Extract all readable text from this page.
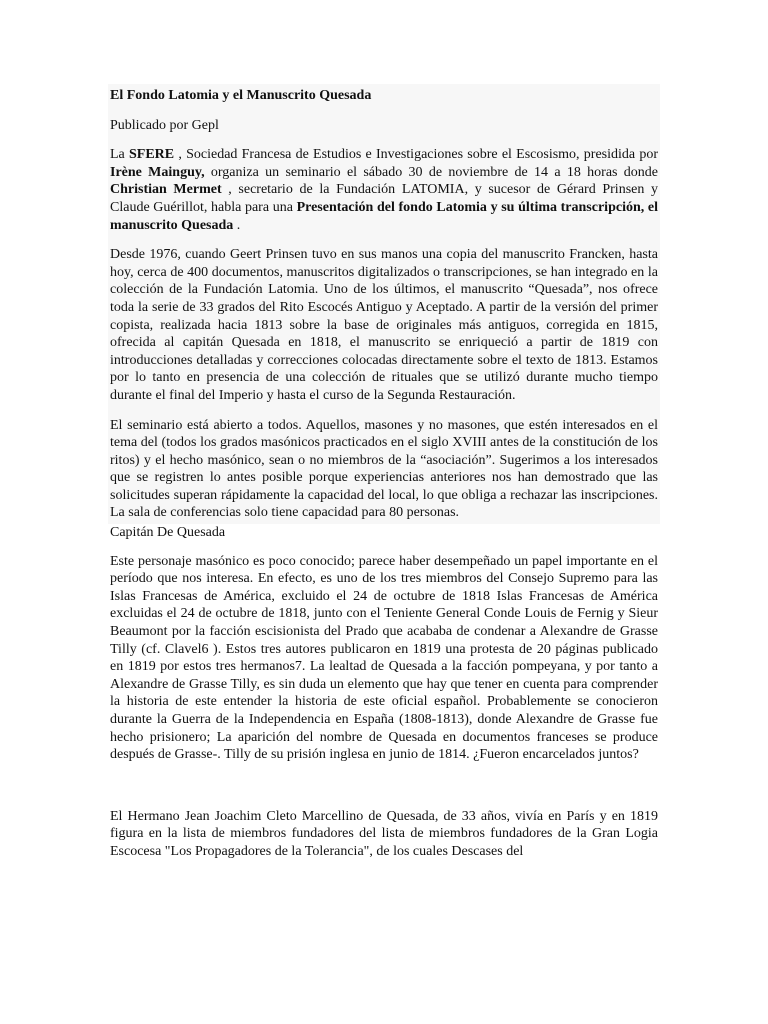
El Fondo Latomia y el Manuscrito Quesada
Publicado por Gepl

La SFERE , Sociedad Francesa de Estudios e Investigaciones sobre el Escosismo, presidida por Irène Mainguy, organiza un seminario el sábado 30 de noviembre de 14 a 18 horas donde Christian Mermet , secretario de la Fundación LATOMIA, y sucesor de Gérard Prinsen y Claude Guérillot, habla para una Presentación del fondo Latomia y su última transcripción, el manuscrito Quesada .

Desde 1976, cuando Geert Prinsen tuvo en sus manos una copia del manuscrito Francken, hasta hoy, cerca de 400 documentos, manuscritos digitalizados o transcripciones, se han integrado en la colección de la Fundación Latomia. Uno de los últimos, el manuscrito “Quesada”, nos ofrece toda la serie de 33 grados del Rito Escocés Antiguo y Aceptado. A partir de la versión del primer copista, realizada hacia 1813 sobre la base de originales más antiguos, corregida en 1815, ofrecida al capitán Quesada en 1818, el manuscrito se enriqueció a partir de 1819 con introducciones detalladas y correcciones colocadas directamente sobre el texto de 1813. Estamos por lo tanto en presencia de una colección de rituales que se utilizó durante mucho tiempo durante el final del Imperio y hasta el curso de la Segunda Restauración.

El seminario está abierto a todos. Aquellos, masones y no masones, que estén interesados en el tema del (todos los grados masónicos practicados en el siglo XVIII antes de la constitución de los ritos) y el hecho masónico, sean o no miembros de la “asociación”. Sugerimos a los interesados que se registren lo antes posible porque experiencias anteriores nos han demostrado que las solicitudes superan rápidamente la capacidad del local, lo que obliga a rechazar las inscripciones. La sala de conferencias solo tiene capacidad para 80 personas.

Capitán De Quesada

Este personaje masónico es poco conocido; parece haber desempeñado un papel importante en el período que nos interesa. En efecto, es uno de los tres miembros del Consejo Supremo para las Islas Francesas de América, excluido el 24 de octubre de 1818 Islas Francesas de América excluidas el 24 de octubre de 1818, junto con el Teniente General Conde Louis de Fernig y Sieur Beaumont por la facción escisionista del Prado que acababa de condenar a Alexandre de Grasse Tilly (cf. Clavel6 ). Estos tres autores publicaron en 1819 una protesta de 20 páginas publicado en 1819 por estos tres hermanos7. La lealtad de Quesada a la facción pompeyana, y por tanto a Alexandre de Grasse Tilly, es sin duda un elemento que hay que tener en cuenta para comprender la historia de este entender la historia de este oficial español. Probablemente se conocieron durante la Guerra de la Independencia en España (1808-1813), donde Alexandre de Grasse fue hecho prisionero; La aparición del nombre de Quesada en documentos franceses se produce después de Grasse-. Tilly de su prisión inglesa en junio de 1814. ¿Fueron encarcelados juntos?

El Hermano Jean Joachim Cleto Marcellino de Quesada, de 33 años, vivía en París y en 1819 figura en la lista de miembros fundadores del lista de miembros fundadores de la Gran Logia Escocesa "Los Propagadores de la Tolerancia", de los cuales Descases del
